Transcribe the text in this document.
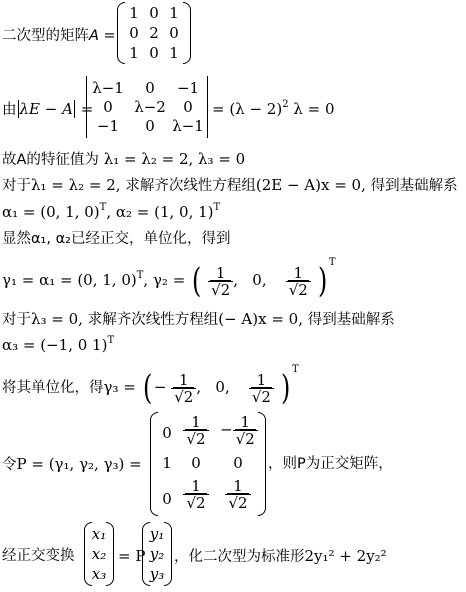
二次型的矩阵A =
1 0 1
0 2 0
1 0 1
由 λE − A =
λ−1	0	−1
0	λ−2	0
−1	0	λ−1
= $(\lambda - 2)^2$ λ = 0
故A的特征值为 λ₁ = λ₂ = 2, λ₃ = 0
对于λ₁ = λ₂ = 2, 求解齐次线性方程组(2E − A)x = 0, 得到基础解系
α₁ = (0, 1, 0)$^T$, α₂ = (1, 0, 1)$^T$
显然α₁, α₂已经正交，单位化，得到
γ₁ = α₁ = (0, 1, 0)$^T$, γ₂ = ( $\frac{1}{√2}$ ,   0, $\frac{1}{√2}$ ) $^T$
对于λ₃ = 0, 求解齐次线性方程组(− A)x = 0, 得到基础解系
α₃ = (−1, 0 1)$^T$
将其单位化，得γ₃ = ( − $\frac{1}{√2}$ ,   0, $\frac{1}{√2}$ ) $^T$
令P = (γ₁, γ₂, γ₃) =
$0 \frac{1}{√2} - \frac{1}{√2}$
1	0	0
$0 \frac{1}{√2} \frac{1}{√2}$
，则P为正交矩阵，
经正交变换
x₁
x₂
x₃
= P
y₁
y₂
y₃
，化二次型为标准形2y₁² + 2y₂²
